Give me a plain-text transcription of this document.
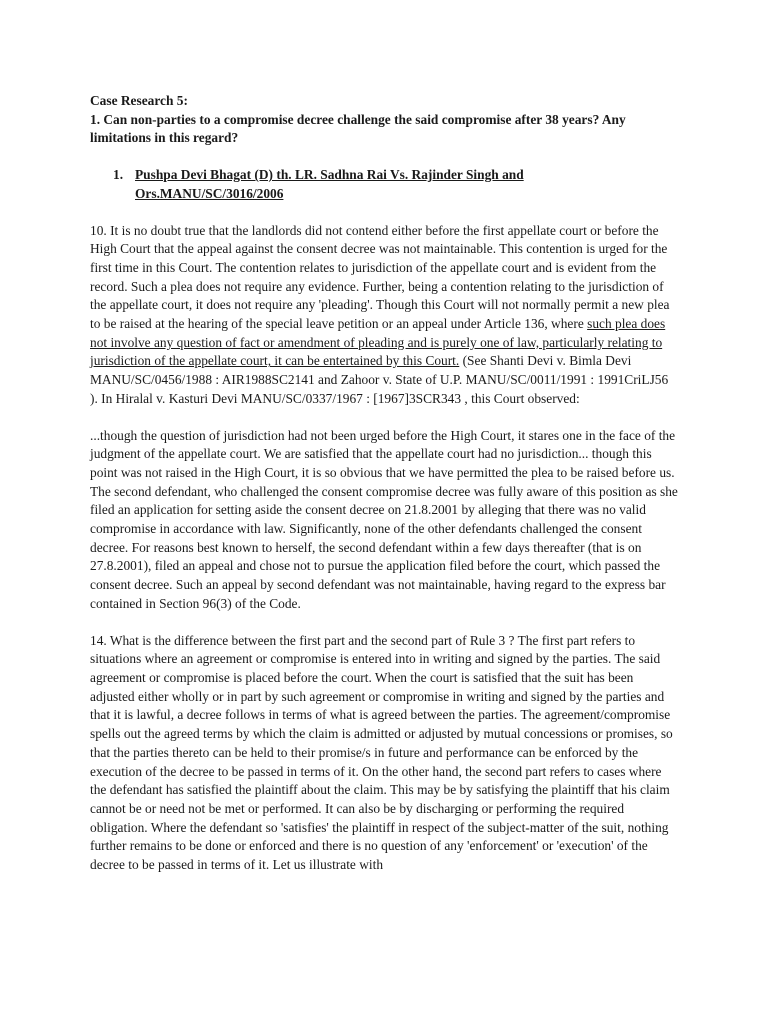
Case Research 5:
1. Can non-parties to a compromise decree challenge the said compromise after 38 years? Any limitations in this regard?
1. Pushpa Devi Bhagat (D) th. LR. Sadhna Rai Vs. Rajinder Singh and Ors.MANU/SC/3016/2006
10. It is no doubt true that the landlords did not contend either before the first appellate court or before the High Court that the appeal against the consent decree was not maintainable. This contention is urged for the first time in this Court. The contention relates to jurisdiction of the appellate court and is evident from the record. Such a plea does not require any evidence. Further, being a contention relating to the jurisdiction of the appellate court, it does not require any 'pleading'. Though this Court will not normally permit a new plea to be raised at the hearing of the special leave petition or an appeal under Article 136, where such plea does not involve any question of fact or amendment of pleading and is purely one of law, particularly relating to jurisdiction of the appellate court, it can be entertained by this Court. (See Shanti Devi v. Bimla Devi MANU/SC/0456/1988 : AIR1988SC2141 and Zahoor v. State of U.P. MANU/SC/0011/1991 : 1991CriLJ56 ). In Hiralal v. Kasturi Devi MANU/SC/0337/1967 : [1967]3SCR343 , this Court observed:
...though the question of jurisdiction had not been urged before the High Court, it stares one in the face of the judgment of the appellate court. We are satisfied that the appellate court had no jurisdiction... though this point was not raised in the High Court, it is so obvious that we have permitted the plea to be raised before us.
The second defendant, who challenged the consent compromise decree was fully aware of this position as she filed an application for setting aside the consent decree on 21.8.2001 by alleging that there was no valid compromise in accordance with law. Significantly, none of the other defendants challenged the consent decree. For reasons best known to herself, the second defendant within a few days thereafter (that is on 27.8.2001), filed an appeal and chose not to pursue the application filed before the court, which passed the consent decree. Such an appeal by second defendant was not maintainable, having regard to the express bar contained in Section 96(3) of the Code.
14. What is the difference between the first part and the second part of Rule 3 ? The first part refers to situations where an agreement or compromise is entered into in writing and signed by the parties. The said agreement or compromise is placed before the court. When the court is satisfied that the suit has been adjusted either wholly or in part by such agreement or compromise in writing and signed by the parties and that it is lawful, a decree follows in terms of what is agreed between the parties. The agreement/compromise spells out the agreed terms by which the claim is admitted or adjusted by mutual concessions or promises, so that the parties thereto can be held to their promise/s in future and performance can be enforced by the execution of the decree to be passed in terms of it. On the other hand, the second part refers to cases where the defendant has satisfied the plaintiff about the claim. This may be by satisfying the plaintiff that his claim cannot be or need not be met or performed. It can also be by discharging or performing the required obligation. Where the defendant so 'satisfies' the plaintiff in respect of the subject-matter of the suit, nothing further remains to be done or enforced and there is no question of any 'enforcement' or 'execution' of the decree to be passed in terms of it. Let us illustrate with
